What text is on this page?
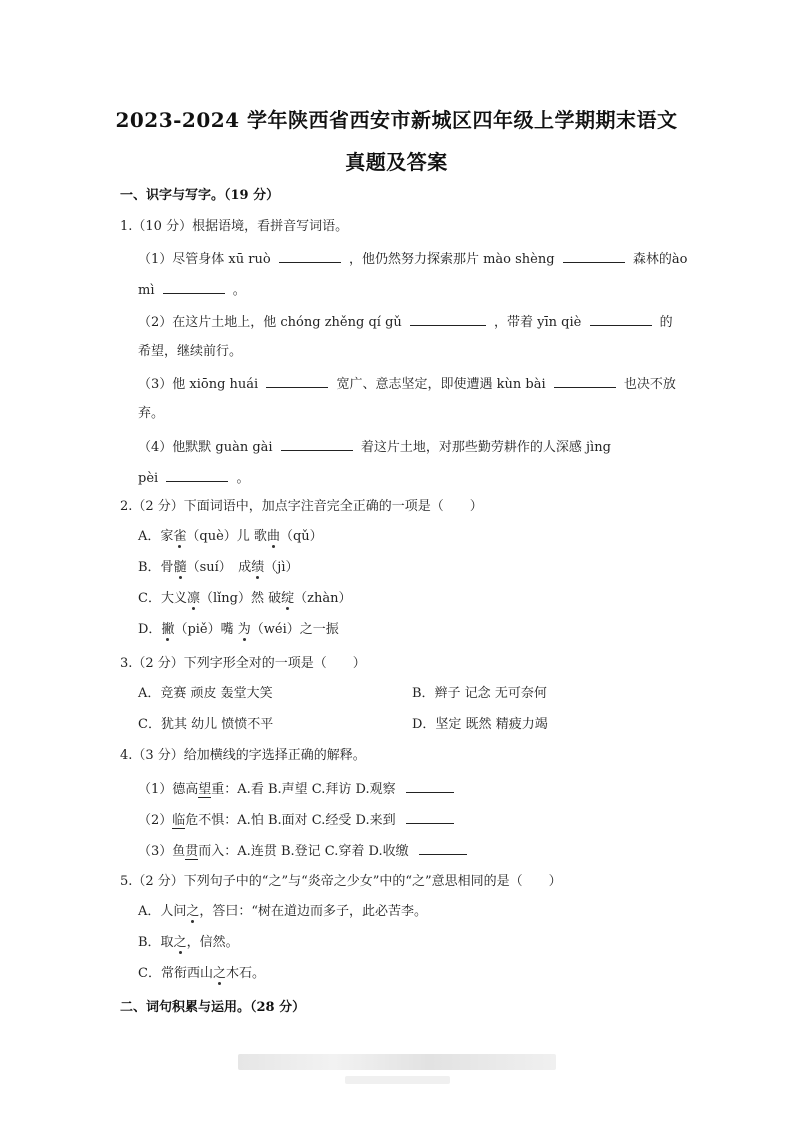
2023-2024 学年陕西省西安市新城区四年级上学期期末语文
真题及答案
一、识字与写字。（19 分）
1.（10 分）根据语境，看拼音写词语。
（1）尽管身体 xū ruò	，他仍然努力探索那片 mào shèng	森林的ào
mì	。
（2）在这片土地上，他 chóng zhěng qí gǔ	，带着 yīn qiè	的
希望，继续前行。
（3）他 xiōng huái	宽广、意志坚定，即使遭遇 kùn bài	也决不放
弃。
（4）他默默 guàn gài	着这片土地，对那些勤劳耕作的人深感 jìng
pèi	。
2.（2 分）下面词语中，加点字注音完全正确的一项是（　　）
A．家雀（què）儿 歌曲（qǔ）
B．骨髓（suí）　成绩（jì）
C．大义凛（lǐng）然 破绽（zhàn）
D．撇（piě）嘴 为（wéi）之一振
3.（2 分）下列字形全对的一项是（　　）
A．竞赛 顽皮 轰堂大笑	B．辫子 记念 无可奈何
C．犹其 幼儿 愤愤不平	D．坚定 既然 精疲力竭
4.（3 分）给加横线的字选择正确的解释。
（1）德高望重：A.看 B.声望 C.拜访 D.观察
（2）临危不惧：A.怕 B.面对 C.经受 D.来到
（3）鱼贯而入：A.连贯 B.登记 C.穿着 D.收缴
5.（2 分）下列句子中的“之”与“炎帝之少女”中的“之”意思相同的是（　　）
A．人问之，答曰：“树在道边而多子，此必苦李。
B．取之，信然。
C．常衔西山之木石。
二、词句积累与运用。（28 分）
